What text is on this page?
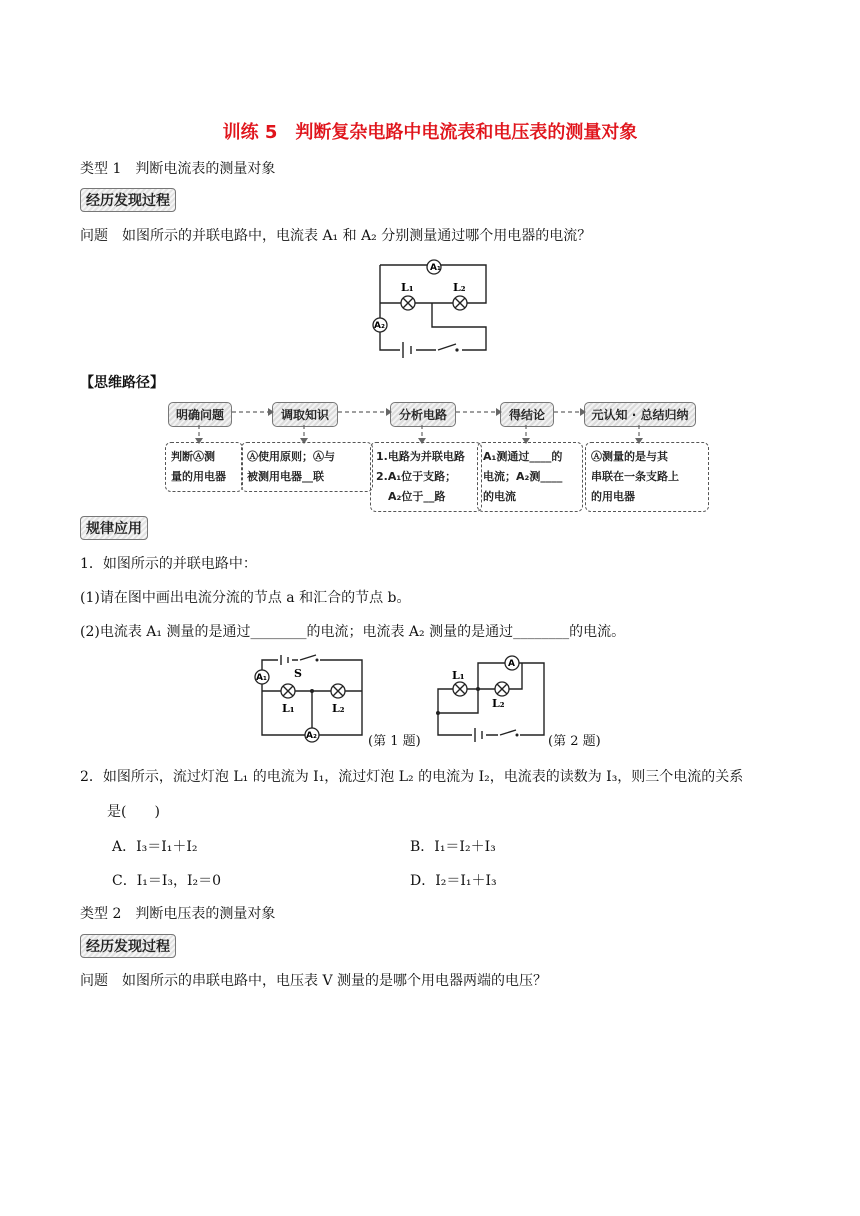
训练 5　判断复杂电路中电流表和电压表的测量对象
类型 1　判断电流表的测量对象
经历发现过程
问题　如图所示的并联电路中，电流表 A₁ 和 A₂ 分别测量通过哪个用电器的电流？
A₁
L₁	L₂
A₂
【思维路径】
明确问题	调取知识	分析电路	得结论	元认知 · 总结归纳
判断Ⓐ测
量的用电器
Ⓐ使用原则；Ⓐ与
被测用电器__联
1.电路为并联电路
2.A₁位于支路；
A₂位于__路
A₁测通过____的
电流；A₂测____
的电流
Ⓐ测量的是与其
串联在一条支路上
的用电器
规律应用
1．如图所示的并联电路中：
(1)请在图中画出电流分流的节点 a 和汇合的节点 b。
(2)电流表 A₁ 测量的是通过________的电流；电流表 A₂ 测量的是通过________的电流。
S
A₁
L₁	L₂
A₂	(第 1 题)
A
L₁
L₂
(第 2 题)
2．如图所示，流过灯泡 L₁ 的电流为 I₁，流过灯泡 L₂ 的电流为 I₂，电流表的读数为 I₃，则三个电流的关系
是(　　)
A．I₃＝I₁＋I₂	B．I₁＝I₂＋I₃
C．I₁＝I₃，I₂＝0	D．I₂＝I₁＋I₃
类型 2　判断电压表的测量对象
经历发现过程
问题　如图所示的串联电路中，电压表 V 测量的是哪个用电器两端的电压？
